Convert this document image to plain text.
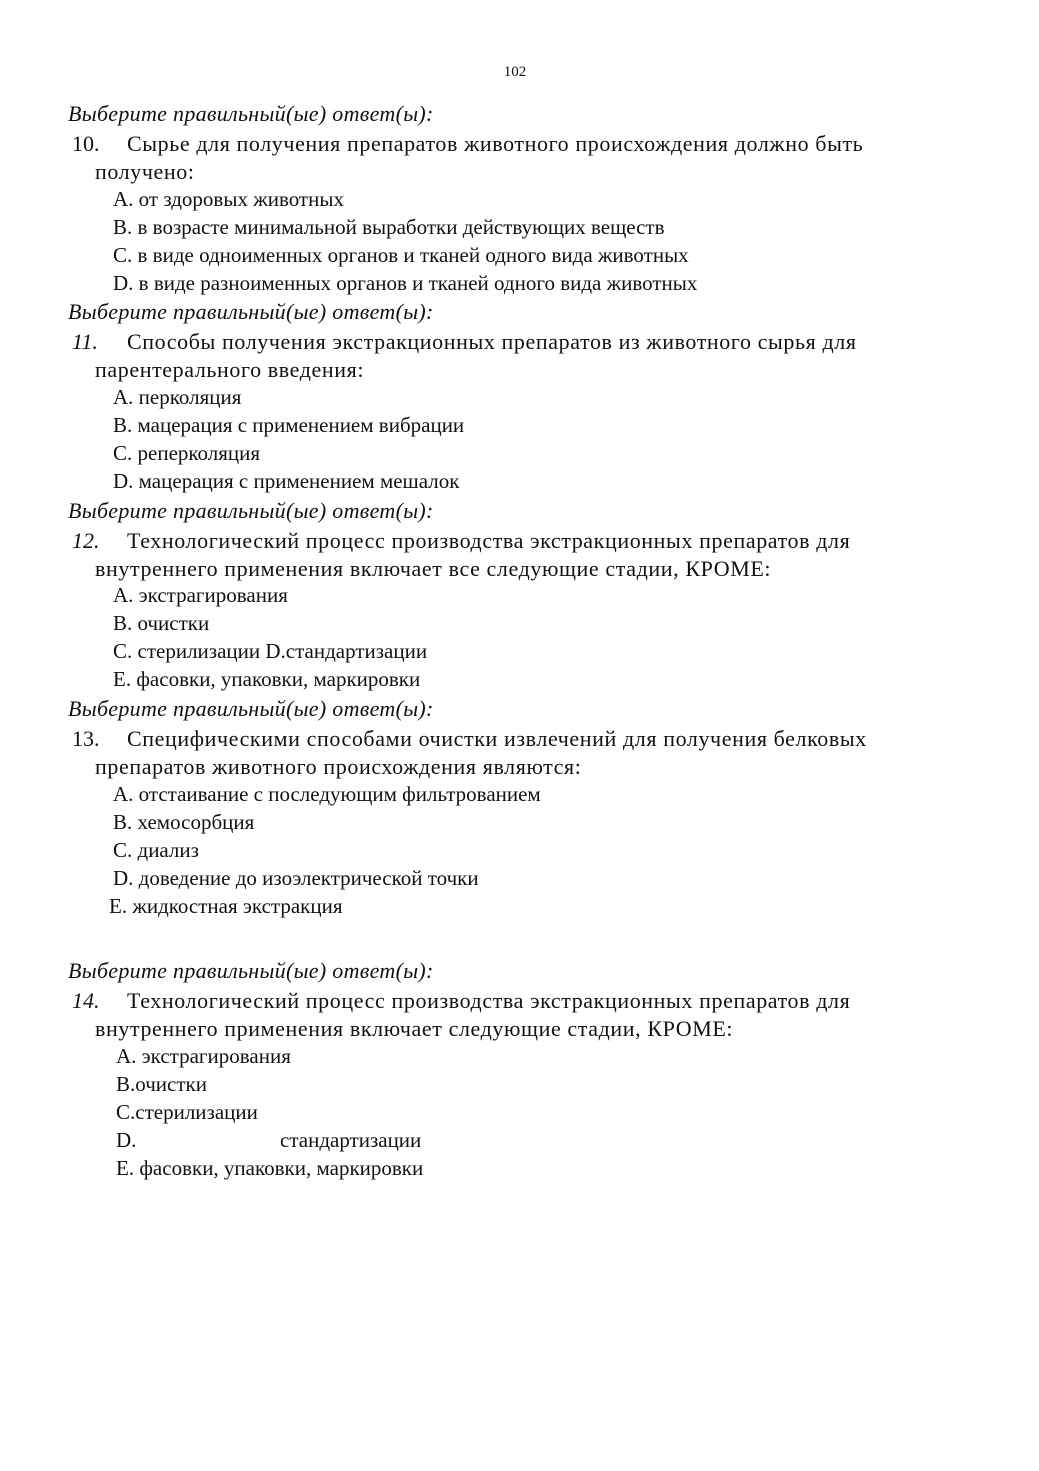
102
Выберите правильный(ые) ответ(ы):
10. Сырье для получения препаратов животного происхождения должно быть
получено:
A. от здоровых животных
B. в возрасте минимальной выработки действующих веществ
C. в виде одноименных органов и тканей одного вида животных
D. в виде разноименных органов и тканей одного вида животных
Выберите правильный(ые) ответ(ы):
11. Способы получения экстракционных препаратов из животного сырья для
парентерального введения:
A. перколяция
B. мацерация с применением вибрации
C. реперколяция
D. мацерация с применением мешалок
Выберите правильный(ые) ответ(ы):
12. Технологический процесс производства экстракционных препаратов для
внутреннего применения включает все следующие стадии, КРОМЕ:
A. экстрагирования
B. очистки
C. стерилизации D.стандартизации
E. фасовки, упаковки, маркировки
Выберите правильный(ые) ответ(ы):
13. Специфическими способами очистки извлечений для получения белковых
препаратов животного происхождения являются:
A. отстаивание с последующим фильтрованием
B. хемосорбция
C. диализ
D. доведение до изоэлектрической точки
E. жидкостная экстракция
Выберите правильный(ые) ответ(ы):
14. Технологический процесс производства экстракционных препаратов для
внутреннего применения включает следующие стадии, КРОМЕ:
A. экстрагирования
B.очистки
C.стерилизации
D.	стандартизации
E. фасовки, упаковки, маркировки
